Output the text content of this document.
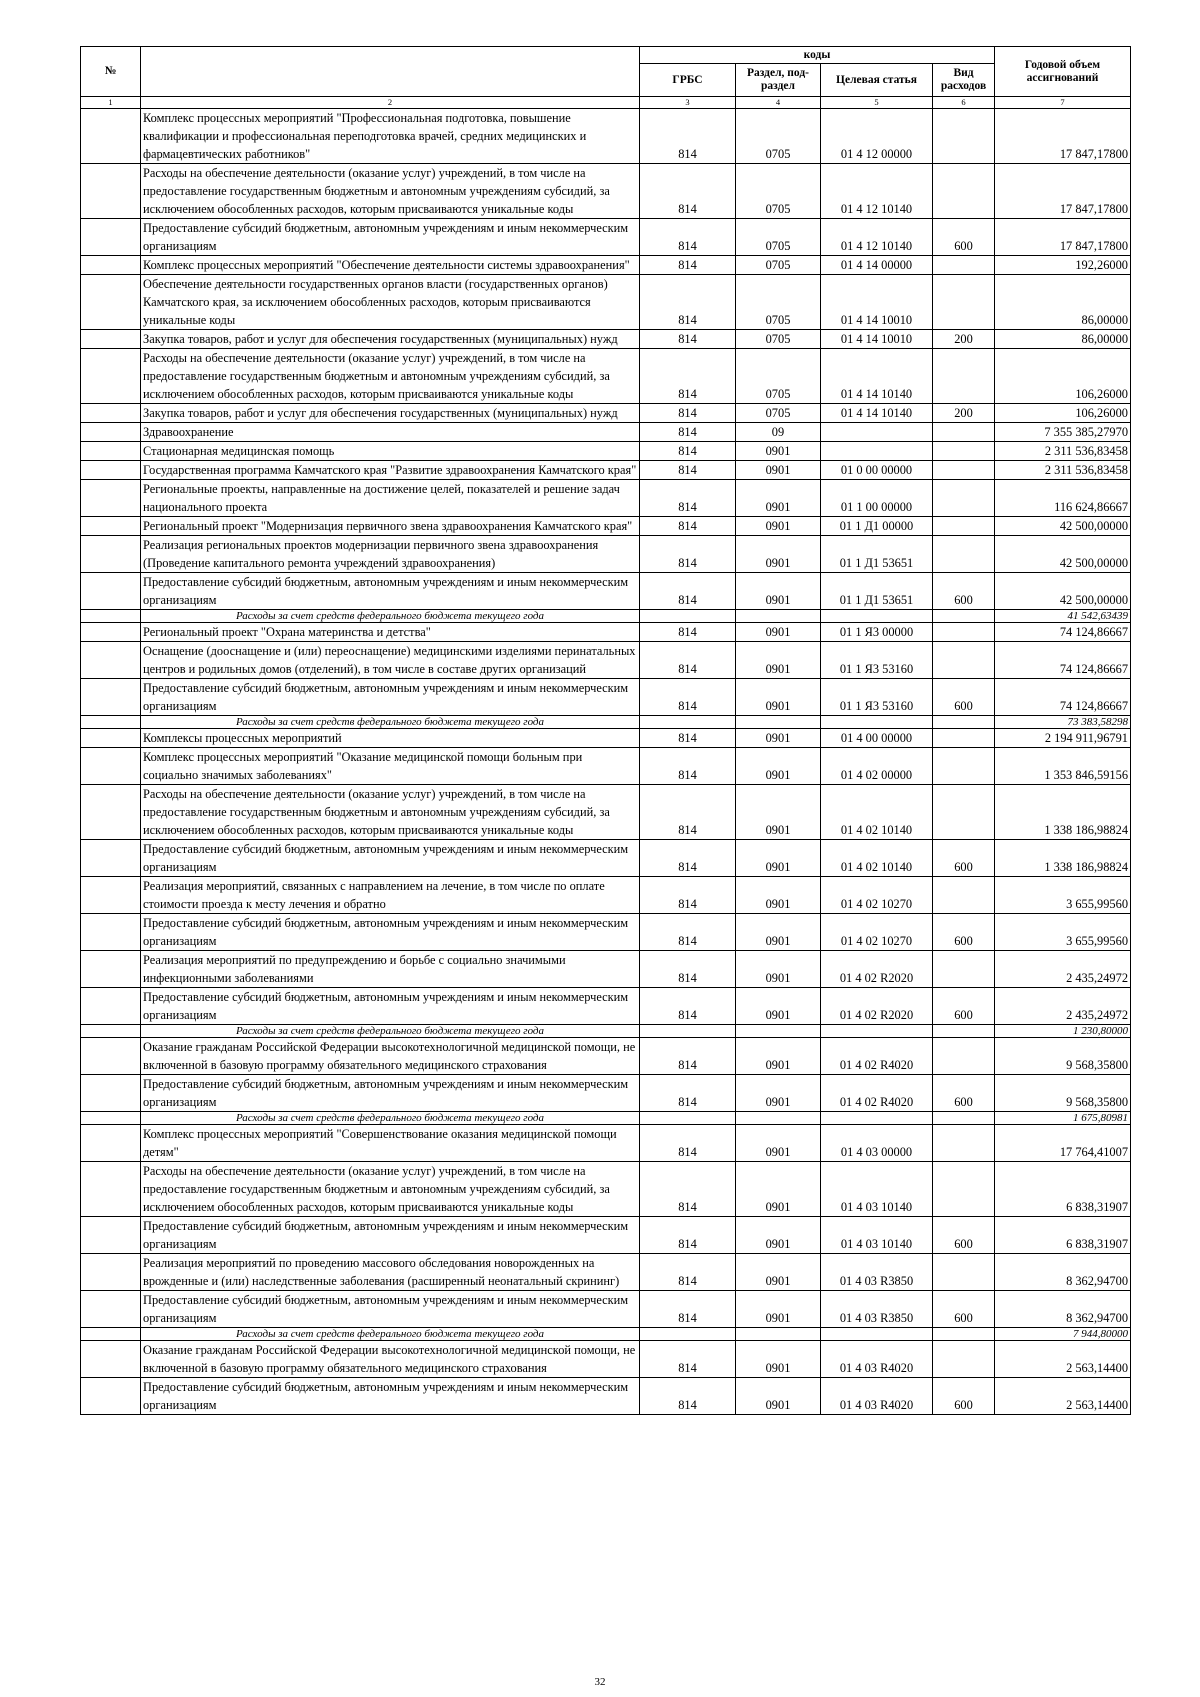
№		коды				Годовой объем ассигнований
		ГРБС	Раздел, под-раздел	Целевая статья	Вид расходов	
1	2	3	4	5	6	7
	Комплекс процессных мероприятий "Профессиональная подготовка, повышение квалификации и профессиональная переподготовка врачей, средних медицинских и фармацевтических работников"	814	0705	01 4 12 00000		17 847,17800
	Расходы на обеспечение деятельности (оказание услуг) учреждений, в том числе на предоставление государственным бюджетным и автономным учреждениям субсидий, за исключением обособленных расходов, которым присваиваются уникальные коды	814	0705	01 4 12 10140		17 847,17800
	Предоставление субсидий бюджетным, автономным учреждениям и иным некоммерческим организациям	814	0705	01 4 12 10140	600	17 847,17800
	Комплекс процессных мероприятий "Обеспечение деятельности системы здравоохранения"	814	0705	01 4 14 00000		192,26000
	Обеспечение деятельности государственных органов власти (государственных органов) Камчатского края, за исключением обособленных расходов, которым присваиваются уникальные коды	814	0705	01 4 14 10010		86,00000
	Закупка товаров, работ и услуг для обеспечения государственных (муниципальных) нужд	814	0705	01 4 14 10010	200	86,00000
	Расходы на обеспечение деятельности (оказание услуг) учреждений, в том числе на предоставление государственным бюджетным и автономным учреждениям субсидий, за исключением обособленных расходов, которым присваиваются уникальные коды	814	0705	01 4 14 10140		106,26000
	Закупка товаров, работ и услуг для обеспечения государственных (муниципальных) нужд	814	0705	01 4 14 10140	200	106,26000
	Здравоохранение	814	09			7 355 385,27970
	Стационарная медицинская помощь	814	0901			2 311 536,83458
	Государственная программа Камчатского края "Развитие здравоохранения Камчатского края"	814	0901	01 0 00 00000		2 311 536,83458
	Региональные проекты, направленные на достижение целей, показателей и решение задач национального проекта	814	0901	01 1 00 00000		116 624,86667
	Региональный проект "Модернизация первичного звена здравоохранения Камчатского края"	814	0901	01 1 Д1 00000		42 500,00000
	Реализация региональных проектов модернизации первичного звена здравоохранения (Проведение капитального ремонта учреждений здравоохранения)	814	0901	01 1 Д1 53651		42 500,00000
	Предоставление субсидий бюджетным, автономным учреждениям и иным некоммерческим организациям	814	0901	01 1 Д1 53651	600	42 500,00000
	Расходы за счет средств федерального бюджета текущего года					41 542,63439
	Региональный проект "Охрана материнства и детства"	814	0901	01 1 Я3 00000		74 124,86667
	Оснащение (дооснащение и (или) переоснащение) медицинскими изделиями перинатальных центров и родильных домов (отделений), в том числе в составе других организаций	814	0901	01 1 Я3 53160		74 124,86667
	Предоставление субсидий бюджетным, автономным учреждениям и иным некоммерческим организациям	814	0901	01 1 Я3 53160	600	74 124,86667
	Расходы за счет средств федерального бюджета текущего года					73 383,58298
	Комплексы процессных мероприятий	814	0901	01 4 00 00000		2 194 911,96791
	Комплекс процессных мероприятий "Оказание медицинской помощи больным при социально значимых заболеваниях"	814	0901	01 4 02 00000		1 353 846,59156
	Расходы на обеспечение деятельности (оказание услуг) учреждений, в том числе на предоставление государственным бюджетным и автономным учреждениям субсидий, за исключением обособленных расходов, которым присваиваются уникальные коды	814	0901	01 4 02 10140		1 338 186,98824
	Предоставление субсидий бюджетным, автономным учреждениям и иным некоммерческим организациям	814	0901	01 4 02 10140	600	1 338 186,98824
	Реализация мероприятий, связанных с направлением на лечение, в том числе по оплате стоимости проезда к месту лечения и обратно	814	0901	01 4 02 10270		3 655,99560
	Предоставление субсидий бюджетным, автономным учреждениям и иным некоммерческим организациям	814	0901	01 4 02 10270	600	3 655,99560
	Реализация мероприятий по предупреждению и борьбе с социально значимыми инфекционными заболеваниями	814	0901	01 4 02 R2020		2 435,24972
	Предоставление субсидий бюджетным, автономным учреждениям и иным некоммерческим организациям	814	0901	01 4 02 R2020	600	2 435,24972
	Расходы за счет средств федерального бюджета текущего года					1 230,80000
	Оказание гражданам Российской Федерации высокотехнологичной медицинской помощи, не включенной в базовую программу обязательного медицинского страхования	814	0901	01 4 02 R4020		9 568,35800
	Предоставление субсидий бюджетным, автономным учреждениям и иным некоммерческим организациям	814	0901	01 4 02 R4020	600	9 568,35800
	Расходы за счет средств федерального бюджета текущего года					1 675,80981
	Комплекс процессных мероприятий "Совершенствование оказания медицинской помощи детям"	814	0901	01 4 03 00000		17 764,41007
	Расходы на обеспечение деятельности (оказание услуг) учреждений, в том числе на предоставление государственным бюджетным и автономным учреждениям субсидий, за исключением обособленных расходов, которым присваиваются уникальные коды	814	0901	01 4 03 10140		6 838,31907
	Предоставление субсидий бюджетным, автономным учреждениям и иным некоммерческим организациям	814	0901	01 4 03 10140	600	6 838,31907
	Реализация мероприятий по проведению массового обследования новорожденных на врожденные и (или) наследственные заболевания (расширенный неонатальный скрининг)	814	0901	01 4 03 R3850		8 362,94700
	Предоставление субсидий бюджетным, автономным учреждениям и иным некоммерческим организациям	814	0901	01 4 03 R3850	600	8 362,94700
	Расходы за счет средств федерального бюджета текущего года					7 944,80000
	Оказание гражданам Российской Федерации высокотехнологичной медицинской помощи, не включенной в базовую программу обязательного медицинского страхования	814	0901	01 4 03 R4020		2 563,14400
	Предоставление субсидий бюджетным, автономным учреждениям и иным некоммерческим организациям	814	0901	01 4 03 R4020	600	2 563,14400
32
